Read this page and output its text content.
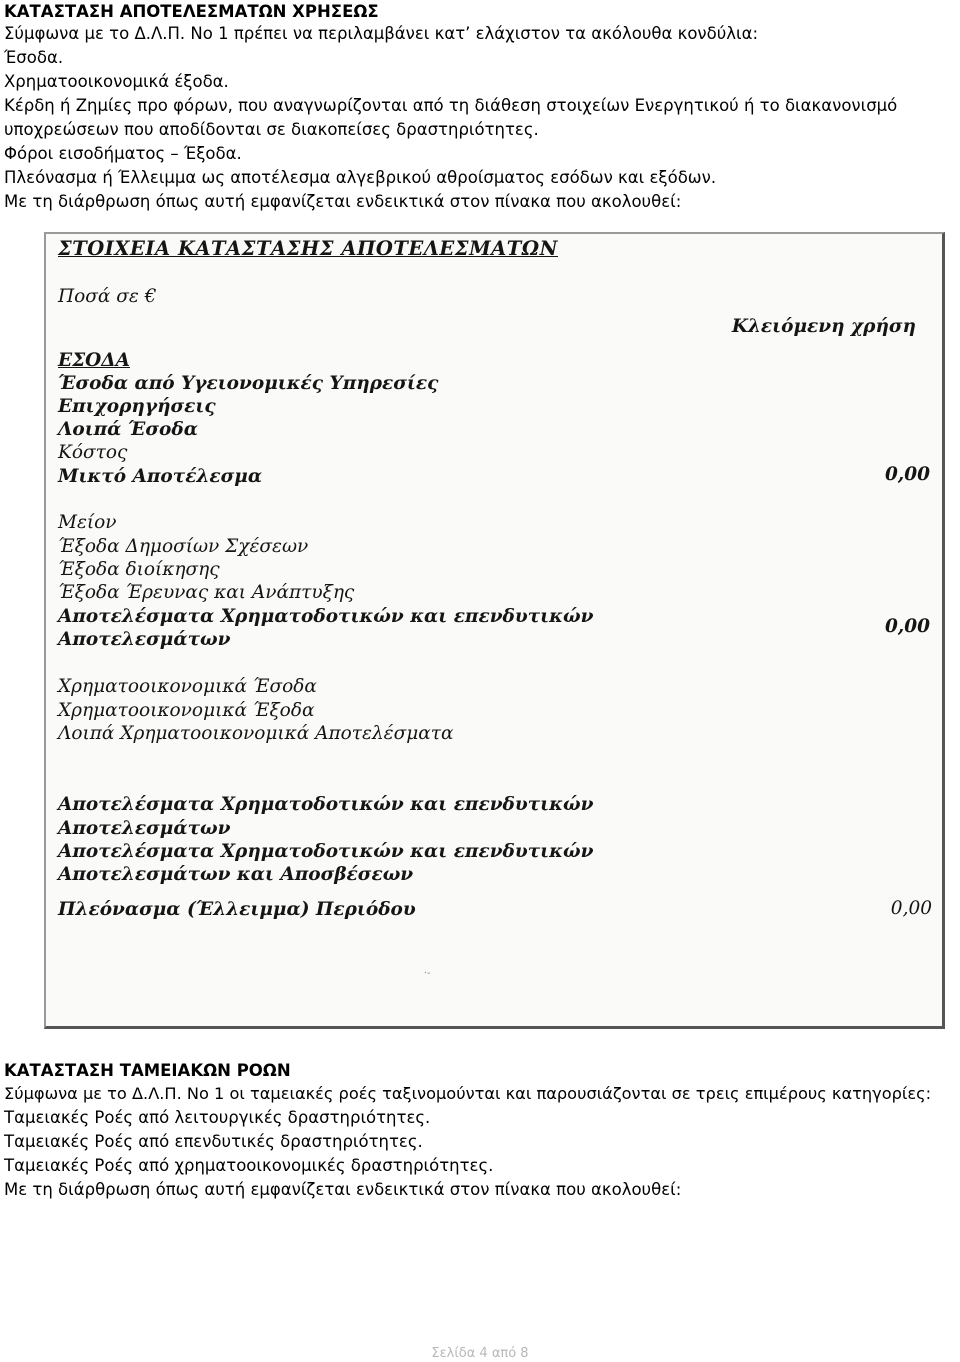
ΚΑΤΑΣΤΑΣΗ ΑΠΟΤΕΛΕΣΜΑΤΩΝ ΧΡΗΣΕΩΣ
Σύμφωνα με το Δ.Λ.Π. Νο 1 πρέπει να περιλαμβάνει κατ’ ελάχιστον τα ακόλουθα κονδύλια:
Έσοδα.
Χρηματοοικονομικά έξοδα.
Κέρδη ή Ζημίες προ φόρων, που αναγνωρίζονται από τη διάθεση στοιχείων Ενεργητικού ή το διακανονισμό
υποχρεώσεων που αποδίδονται σε διακοπείσες δραστηριότητες.
Φόροι εισοδήματος – Έξοδα.
Πλεόνασμα ή Έλλειμμα ως αποτέλεσμα αλγεβρικού αθροίσματος εσόδων και εξόδων.
Με τη διάρθρωση όπως αυτή εμφανίζεται ενδεικτικά στον πίνακα που ακολουθεί:
ΣΤΟΙΧΕΙΑ ΚΑΤΑΣΤΑΣΗΣ ΑΠΟΤΕΛΕΣΜΑΤΩΝ
Ποσά σε €
Κλειόμενη χρήση
ΕΣΟΔΑ
Έσοδα από Υγειονομικές Υπηρεσίες
Επιχορηγήσεις
Λοιπά Έσοδα
Κόστος
Μικτό Αποτέλεσμα	0,00
Μείον
Έξοδα Δημοσίων Σχέσεων
Έξοδα διοίκησης
Έξοδα Έρευνας και Ανάπτυξης
Αποτελέσματα Χρηματοδοτικών και επενδυτικών
Αποτελεσμάτων
0,00
Χρηματοοικονομικά Έσοδα
Χρηματοοικονομικά Έξοδα
Λοιπά Χρηματοοικονομικά Αποτελέσματα
Αποτελέσματα Χρηματοδοτικών και επενδυτικών
Αποτελεσμάτων
Αποτελέσματα Χρηματοδοτικών και επενδυτικών
Αποτελεσμάτων και Αποσβέσεων
Πλεόνασμα (Έλλειμμα) Περιόδου	0,00
·-
ΚΑΤΑΣΤΑΣΗ ΤΑΜΕΙΑΚΩΝ ΡΟΩΝ
Σύμφωνα με το Δ.Λ.Π. Νο 1 οι ταμειακές ροές ταξινομούνται και παρουσιάζονται σε τρεις επιμέρους κατηγορίες:
Ταμειακές Ροές από λειτουργικές δραστηριότητες.
Ταμειακές Ροές από επενδυτικές δραστηριότητες.
Ταμειακές Ροές από χρηματοοικονομικές δραστηριότητες.
Με τη διάρθρωση όπως αυτή εμφανίζεται ενδεικτικά στον πίνακα που ακολουθεί:
Σελίδα 4 από 8
